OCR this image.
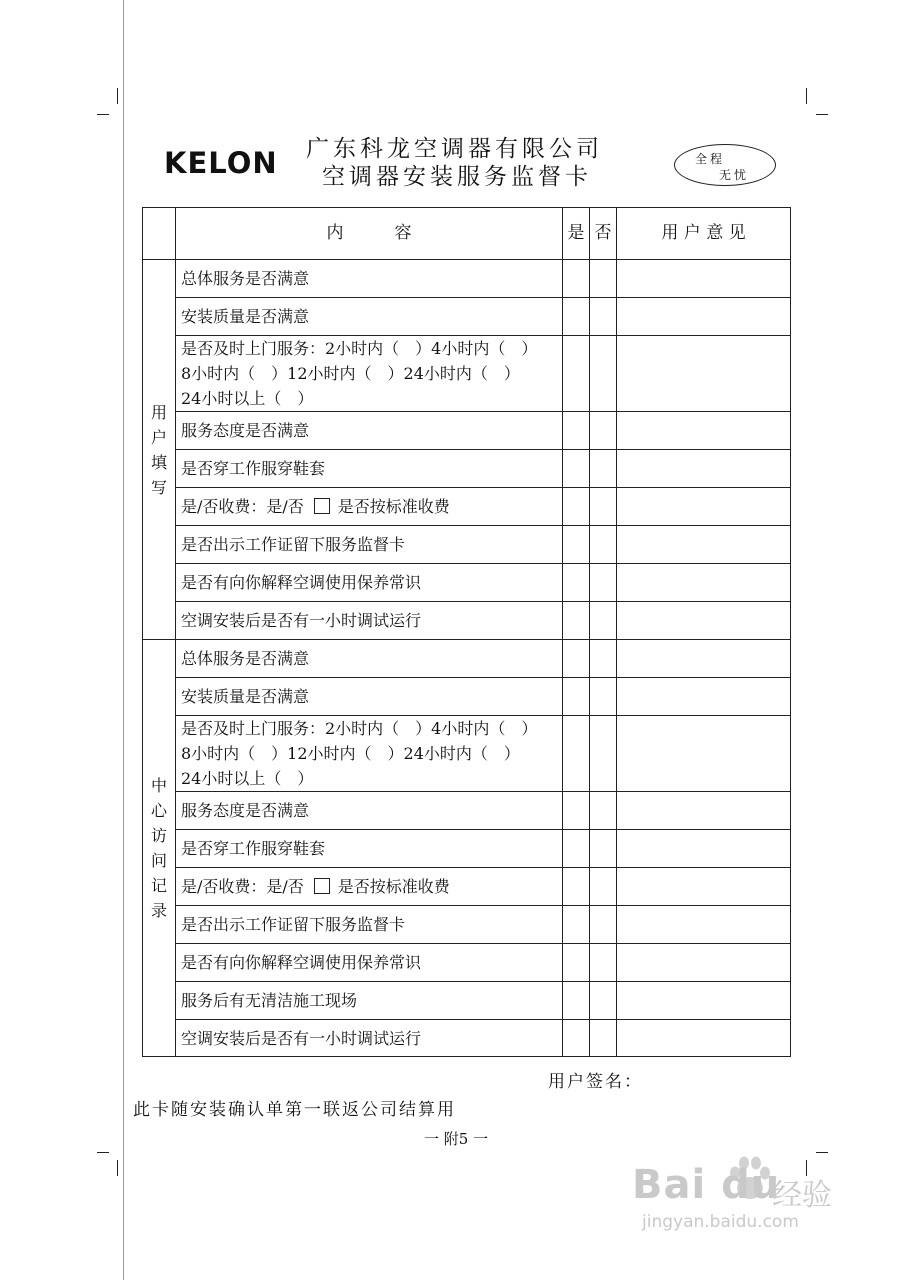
KELON 广东科龙空调器有限公司
空调器安装服务监督卡
全程
无忧
	内　　　容	是	否	用 户 意 见
用户填写	总体服务是否满意			
	安装质量是否满意			

	是否及时上门服务：2小时内（　）4小时内（　）
8小时内（　）12小时内（　）24小时内（　）
24小时以上（　）			

	服务态度是否满意			
	是否穿工作服穿鞋套			
	是/否收费：是/否 是否按标准收费			
	是否出示工作证留下服务监督卡			
	是否有向你解释空调使用保养常识			
	空调安装后是否有一小时调试运行			
中心访问记录	总体服务是否满意			
	安装质量是否满意			

	是否及时上门服务：2小时内（　）4小时内（　）
8小时内（　）12小时内（　）24小时内（　）
24小时以上（　）			

	服务态度是否满意			
	是否穿工作服穿鞋套			
	是/否收费：是/否 是否按标准收费			
	是否出示工作证留下服务监督卡			
	是否有向你解释空调使用保养常识			
	服务后有无清洁施工现场			
	空调安装后是否有一小时调试运行			
用户签名：
此卡随安装确认单第一联返公司结算用
一 附5 一
Bai du
经验
jingyan.baidu.com
